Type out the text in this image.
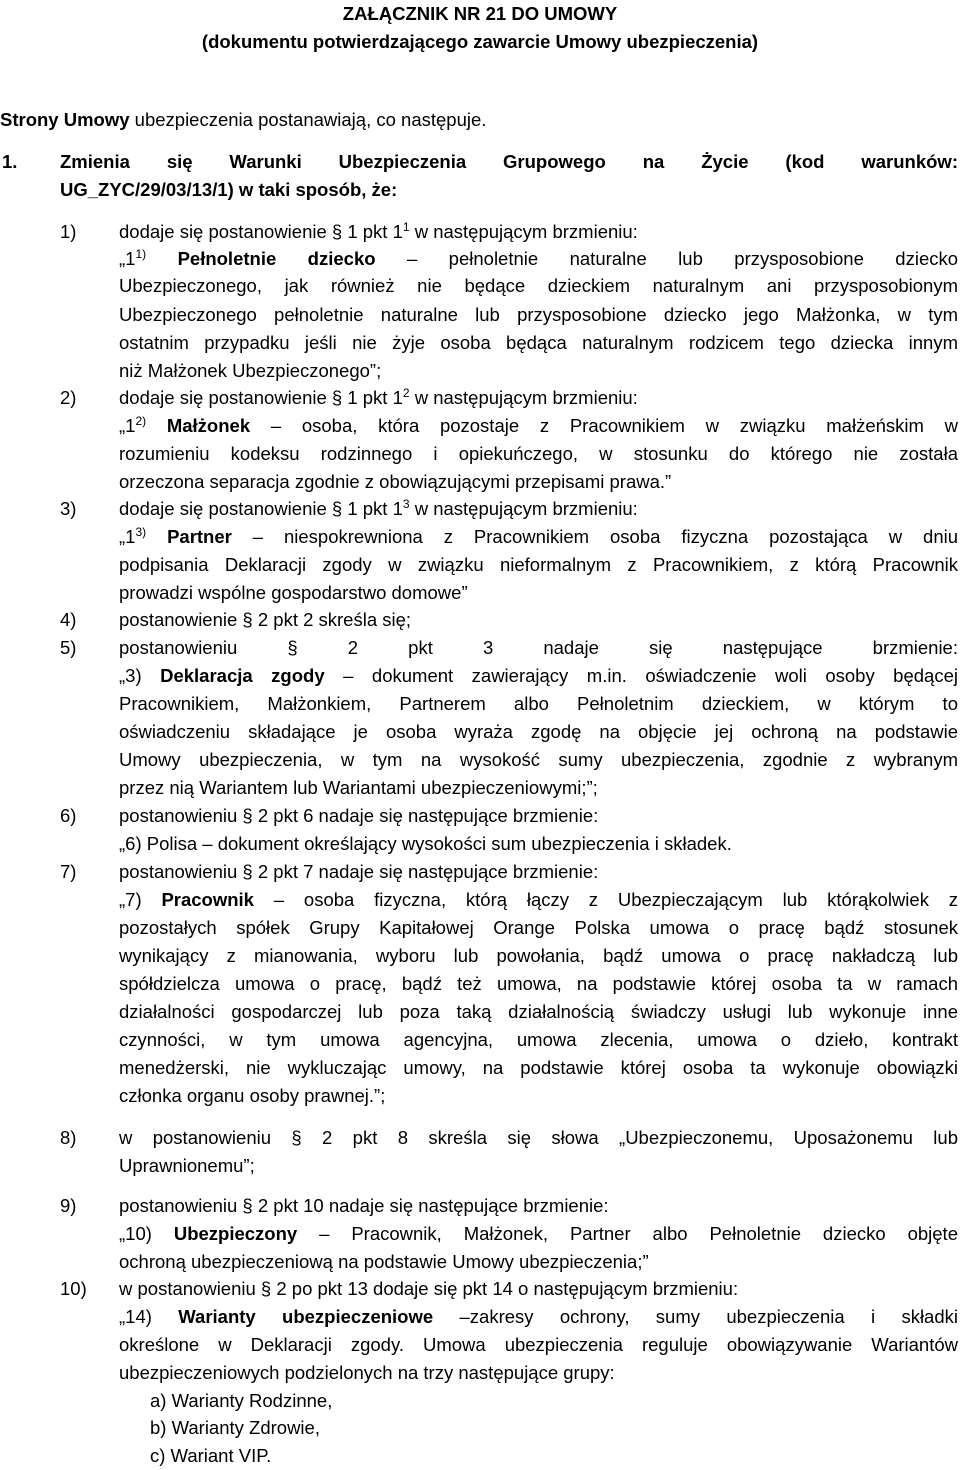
ZAŁĄCZNIK NR 21 DO UMOWY
(dokumentu potwierdzającego zawarcie Umowy ubezpieczenia)
Strony Umowy ubezpieczenia postanawiają, co następuje.
1. Zmienia się Warunki Ubezpieczenia Grupowego na Życie (kod warunków:
UG_ZYC/29/03/13/1) w taki sposób, że:
1) dodaje się postanowienie § 1 pkt $1^1$ w następującym brzmieniu:
„1$^{1)}$ Pełnoletnie dziecko – pełnoletnie naturalne lub przysposobione dziecko
Ubezpieczonego, jak również nie będące dzieckiem naturalnym ani przysposobionym
Ubezpieczonego pełnoletnie naturalne lub przysposobione dziecko jego Małżonka, w tym
ostatnim przypadku jeśli nie żyje osoba będąca naturalnym rodzicem tego dziecka innym
niż Małżonek Ubezpieczonego”;
2) dodaje się postanowienie § 1 pkt $1^2$ w następującym brzmieniu:
„1$^{2)}$ Małżonek – osoba, która pozostaje z Pracownikiem w związku małżeńskim w
rozumieniu kodeksu rodzinnego i opiekuńczego, w stosunku do którego nie została
orzeczona separacja zgodnie z obowiązującymi przepisami prawa.”
3) dodaje się postanowienie § 1 pkt $1^3$ w następującym brzmieniu:
„1$^{3)}$ Partner – niespokrewniona z Pracownikiem osoba fizyczna pozostająca w dniu
podpisania Deklaracji zgody w związku nieformalnym z Pracownikiem, z którą Pracownik
prowadzi wspólne gospodarstwo domowe”
4) postanowienie § 2 pkt 2 skreśla się;
5) postanowieniu § 2 pkt 3 nadaje się następujące brzmienie:
„3) Deklaracja zgody – dokument zawierający m.in. oświadczenie woli osoby będącej
Pracownikiem, Małżonkiem, Partnerem albo Pełnoletnim dzieckiem, w którym to
oświadczeniu składające je osoba wyraża zgodę na objęcie jej ochroną na podstawie
Umowy ubezpieczenia, w tym na wysokość sumy ubezpieczenia, zgodnie z wybranym
przez nią Wariantem lub Wariantami ubezpieczeniowymi;”;
6) postanowieniu § 2 pkt 6 nadaje się następujące brzmienie:
„6) Polisa – dokument określający wysokości sum ubezpieczenia i składek.
7) postanowieniu § 2 pkt 7 nadaje się następujące brzmienie:
„7) Pracownik – osoba fizyczna, którą łączy z Ubezpieczającym lub którąkolwiek z
pozostałych spółek Grupy Kapitałowej Orange Polska umowa o pracę bądź stosunek
wynikający z mianowania, wyboru lub powołania, bądź umowa o pracę nakładczą lub
spółdzielcza umowa o pracę, bądź też umowa, na podstawie której osoba ta w ramach
działalności gospodarczej lub poza taką działalnością świadczy usługi lub wykonuje inne
czynności, w tym umowa agencyjna, umowa zlecenia, umowa o dzieło, kontrakt
menedżerski, nie wykluczając umowy, na podstawie której osoba ta wykonuje obowiązki
członka organu osoby prawnej.”;
8) w postanowieniu § 2 pkt 8 skreśla się słowa „Ubezpieczonemu, Uposażonemu lub
Uprawnionemu”;
9) postanowieniu § 2 pkt 10 nadaje się następujące brzmienie:
„10) Ubezpieczony – Pracownik, Małżonek, Partner albo Pełnoletnie dziecko objęte
ochroną ubezpieczeniową na podstawie Umowy ubezpieczenia;”
10) w postanowieniu § 2 po pkt 13 dodaje się pkt 14 o następującym brzmieniu:
„14) Warianty ubezpieczeniowe –zakresy ochrony, sumy ubezpieczenia i składki
określone w Deklaracji zgody. Umowa ubezpieczenia reguluje obowiązywanie Wariantów
ubezpieczeniowych podzielonych na trzy następujące grupy:
a) Warianty Rodzinne,
b) Warianty Zdrowie,
c) Wariant VIP.
